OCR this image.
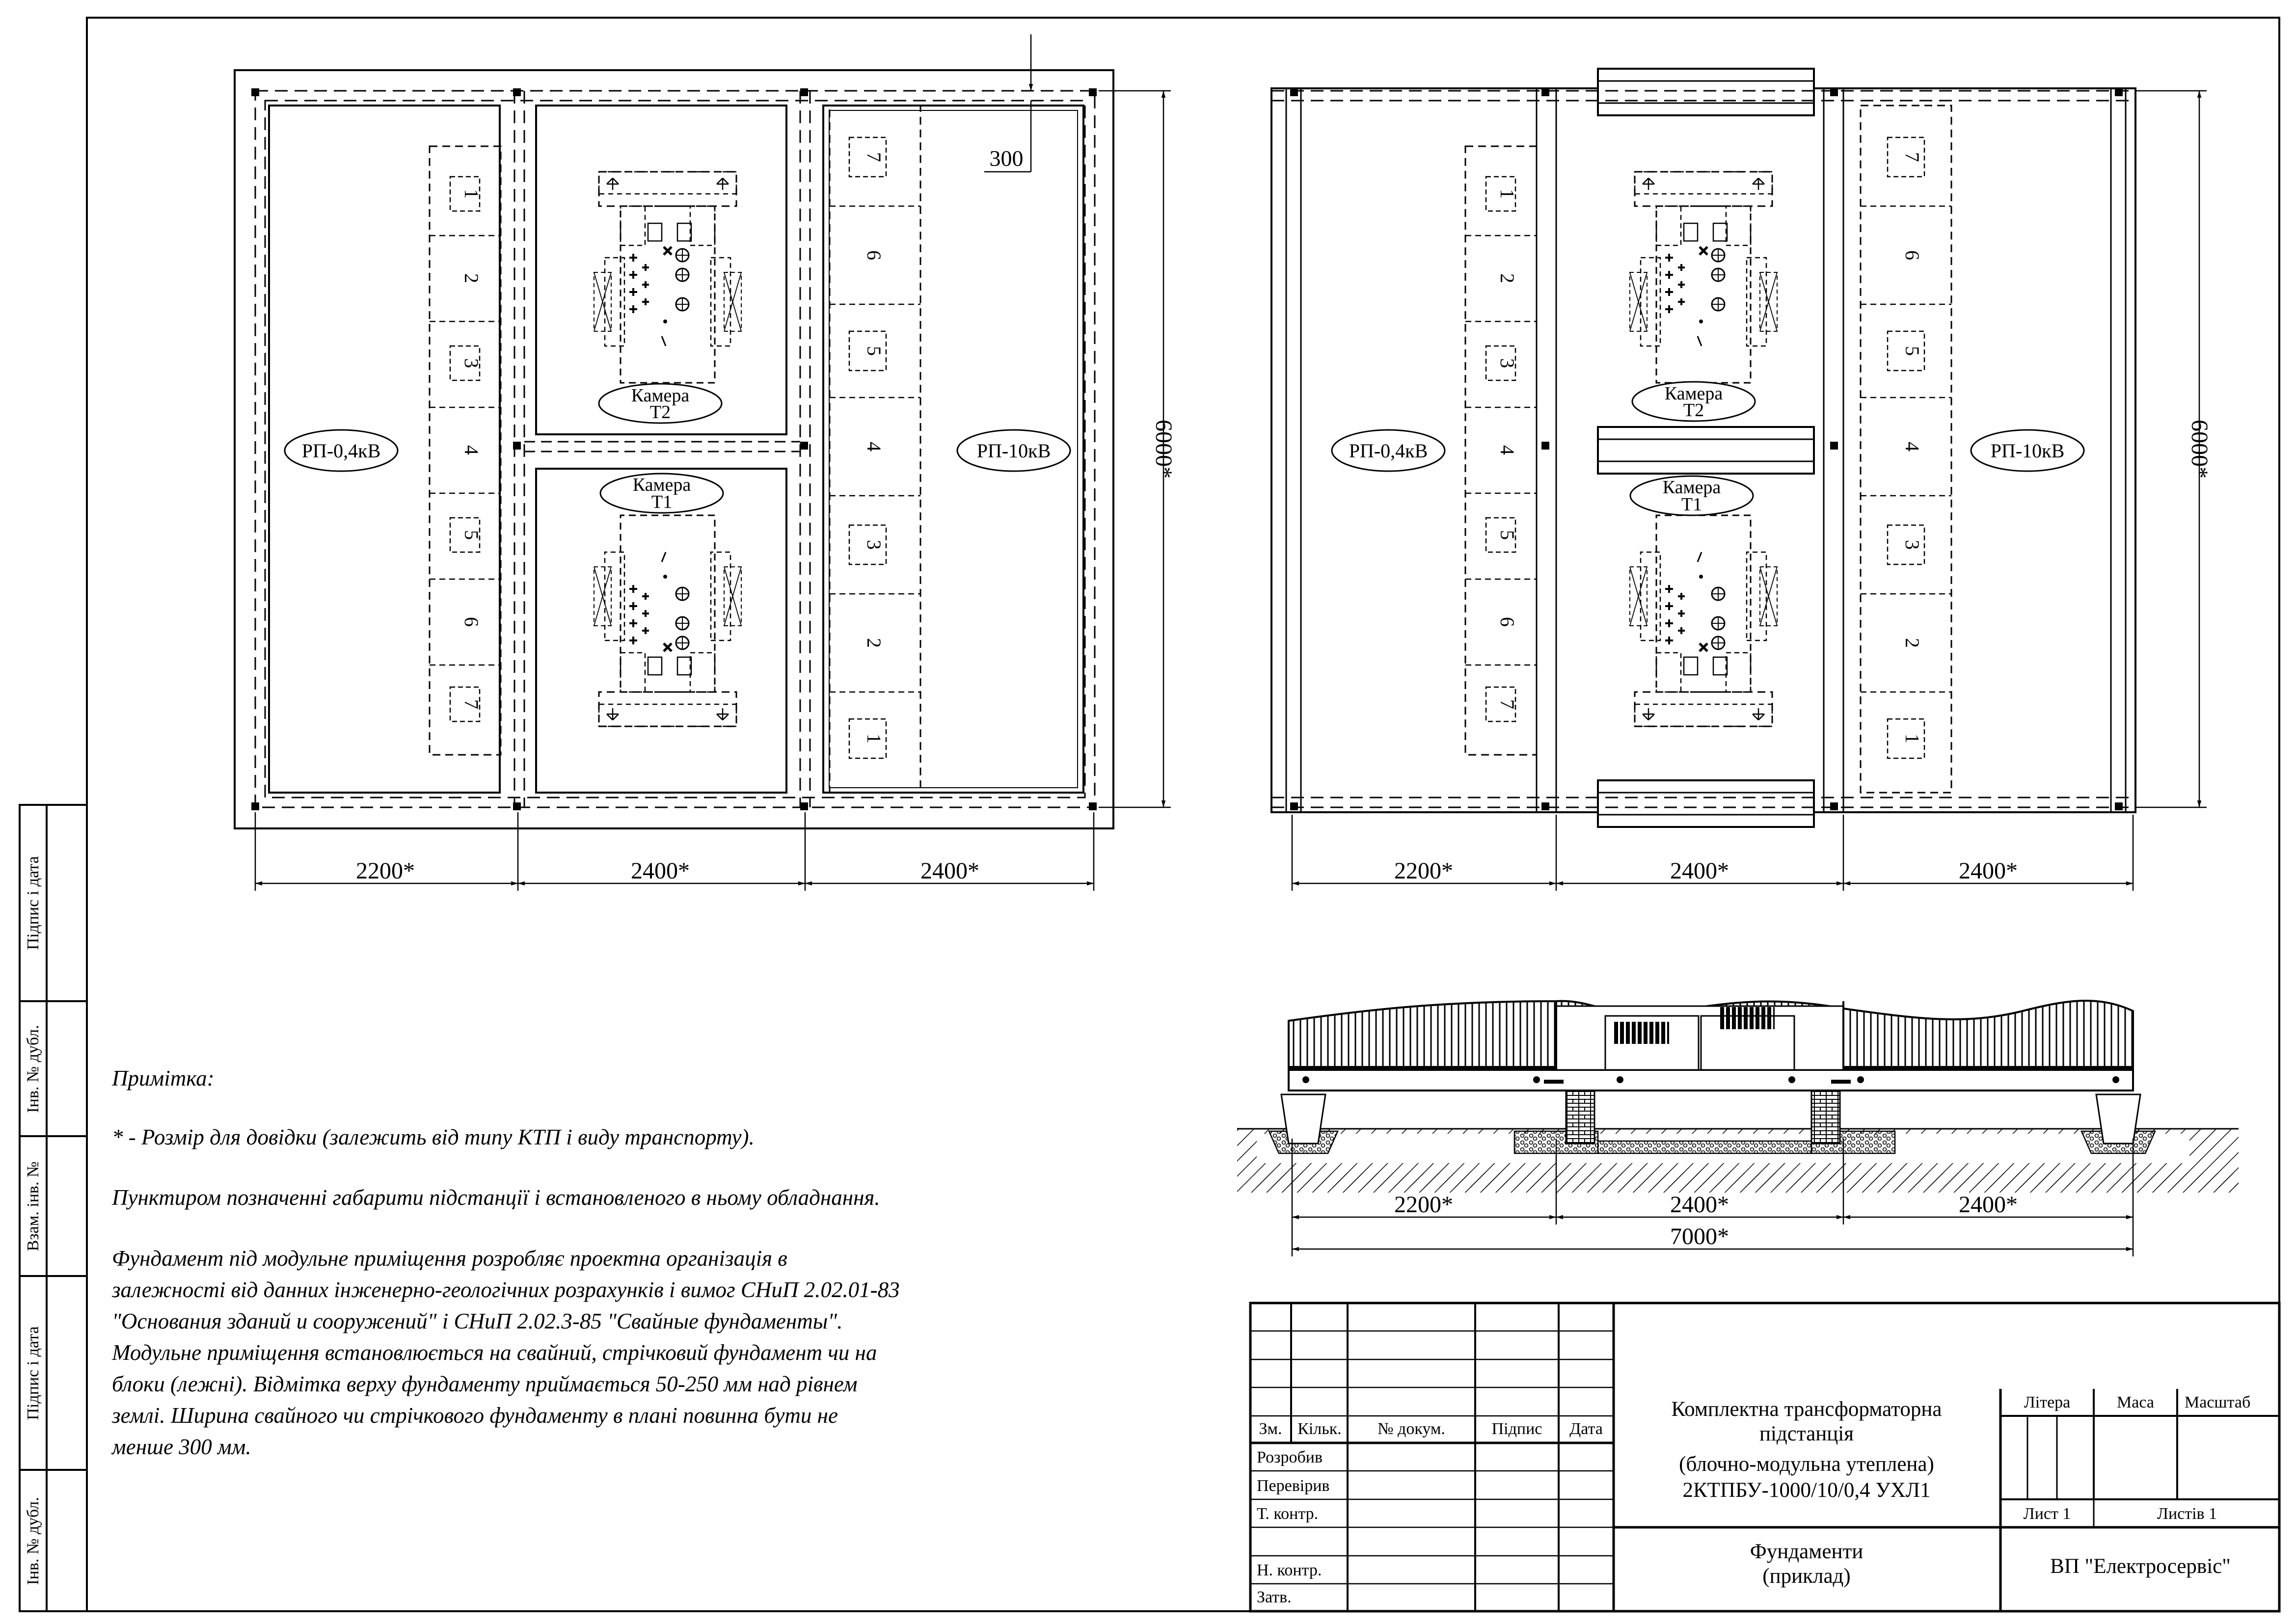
РП-0,4кВ	РП-10кВ
Камера
Т2
Камера
Т1
1
2
3
4
5
6
7
7
6
5
4
3
2
1
2200*	2400*	2400*
6000*
300
РП-0,4кВ	РП-10кВ
Камера
Т2
Камера
Т1
1
2
3
4
5
6
7
7
6
5
4
3
2
1
2200*	2400*	2400*
6000*
2200*	2400*	2400*
7000*
Підпис і дата
Інв. № дубл.
Взам. інв. №
Підпис і дата
Інв. № дубл.
Зм. Кільк. № докум.	Підпис Дата
Розробив
Перевірив
Т. контр.
Н. контр.
Затв.
Комплектна трансформаторна
підстанція
(блочно-модульна утеплена)
2КТПБУ-1000/10/0,4 УХЛ1
Фундаменти
(приклад)
Літера	Маса Масштаб
Лист 1	Листів 1
ВП "Електросервіс"
Примітка:
* - Розмір для довідки (залежить від типу КТП і виду транспорту).
Пунктиром позначенні габарити підстанції і встановленого в ньому обладнання.
Фундамент під модульне приміщення розробляє проектна організація в
залежності від данних інженерно-геологічних розрахунків і вимог СНиП 2.02.01-83
"Основания зданий и сооружений" і СНиП 2.02.3-85 "Свайные фундаменты".
Модульне приміщення встановлюється на свайний, стрічковий фундамент чи на
блоки (лежні). Відмітка верху фундаменту приймається 50-250 мм над рівнем
землі. Ширина свайного чи стрічкового фундаменту в плані повинна бути не
менше 300 мм.
